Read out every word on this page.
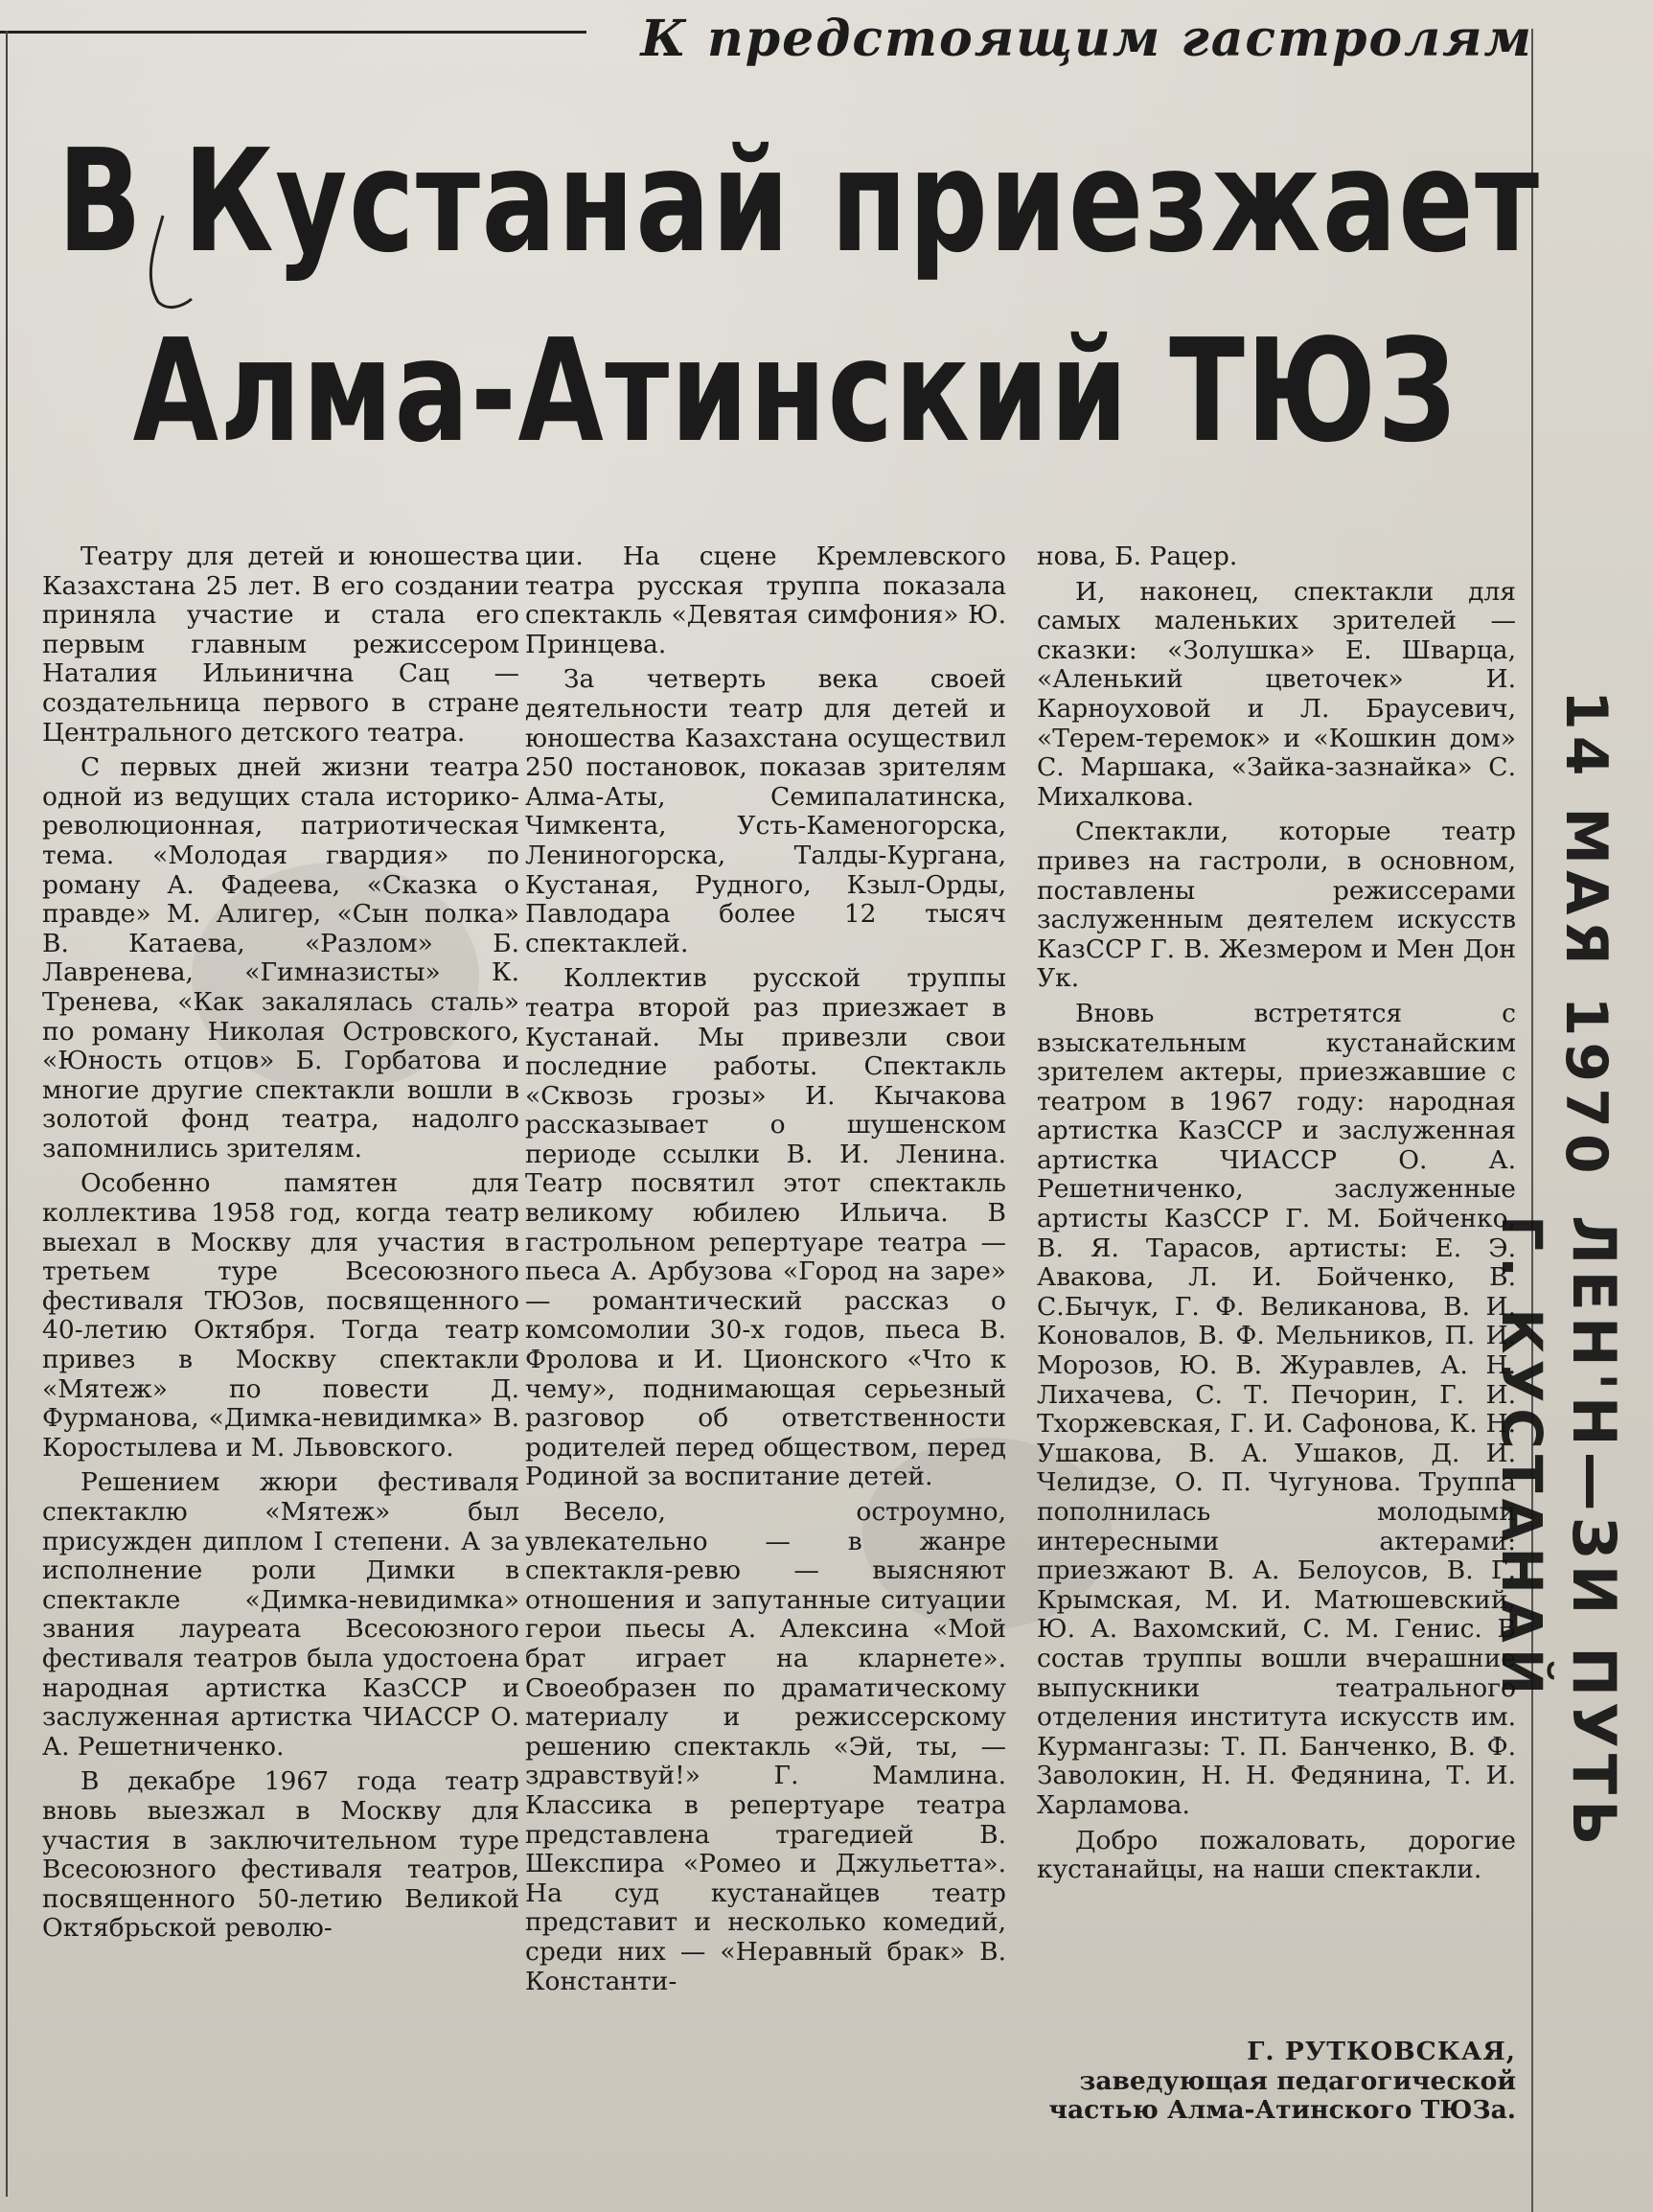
К предстоящим гастролям
В Кустанай приезжает
Алма-Атинский ТЮЗ

Театру для детей и юношества Казахстана 25 лет. В его создании приняла участие и стала его первым главным режиссером Наталия Ильинична Сац — создательница первого в стране Центрального детского театра.

С первых дней жизни театра одной из ведущих стала историко-революционная, патриотическая тема. «Молодая гвардия» по роману А. Фадеева, «Сказка о правде» М. Алигер, «Сын полка» В. Катаева, «Разлом» Б. Лавренева, «Гимназисты» К. Тренева, «Как закалялась сталь» по роману Николая Островского, «Юность отцов» Б. Горбатова и многие другие спектакли вошли в золотой фонд театра, надолго запомнились зрителям.

Особенно памятен для коллектива 1958 год, когда театр выехал в Москву для участия в третьем туре Всесоюзного фестиваля ТЮЗов, посвященного 40-летию Октября. Тогда театр привез в Москву спектакли «Мятеж» по повести Д. Фурманова, «Димка-невидимка» В. Коростылева и М. Львовского.

Решением жюри фестиваля спектаклю «Мятеж» был присужден диплом I степени. А за исполнение роли Димки в спектакле «Димка-невидимка» звания лауреата Всесоюзного фестиваля театров была удостоена народная артистка КазССР и заслуженная артистка ЧИАССР О. А. Решетниченко.

В декабре 1967 года театр вновь выезжал в Москву для участия в заключительном туре Всесоюзного фестиваля театров, посвященного 50-летию Великой Октябрьской револю-

ции. На сцене Кремлевского театра русская труппа показала спектакль «Девятая симфония» Ю. Принцева.

За четверть века своей деятельности театр для детей и юношества Казахстана осуществил 250 постановок, показав зрителям Алма-Аты, Семипалатинска, Чимкента, Усть-Каменогорска, Лениногорска, Талды-Кургана, Кустаная, Рудного, Кзыл-Орды, Павлодара более 12 тысяч спектаклей.

Коллектив русской труппы театра второй раз приезжает в Кустанай. Мы привезли свои последние работы. Спектакль «Сквозь грозы» И. Кычакова рассказывает о шушенском периоде ссылки В. И. Ленина. Театр посвятил этот спектакль великому юбилею Ильича. В гастрольном репертуаре театра — пьеса А. Арбузова «Город на заре» — романтический рассказ о комсомолии 30-х годов, пьеса В. Фролова и И. Ционского «Что к чему», поднимающая серьезный разговор об ответственности родителей перед обществом, перед Родиной за воспитание детей.

Весело, остроумно, увлекательно — в жанре спектакля-ревю — выясняют отношения и запутанные ситуации герои пьесы А. Алексина «Мой брат играет на кларнете». Своеобразен по драматическому материалу и режиссерскому решению спектакль «Эй, ты, — здравствуй!» Г. Мамлина. Классика в репертуаре театра представлена трагедией В. Шекспира «Ромео и Джульетта». На суд кустанайцев театр представит и несколько комедий, среди них — «Неравный брак» В. Константи-

нова, Б. Рацер.

И, наконец, спектакли для самых маленьких зрителей — сказки: «Золушка» Е. Шварца, «Аленький цветочек» И. Карноуховой и Л. Браусевич, «Терем-теремок» и «Кошкин дом» С. Маршака, «Зайка-зазнайка» С. Михалкова.

Спектакли, которые театр привез на гастроли, в основном, поставлены режиссерами заслуженным деятелем искусств КазССР Г. В. Жезмером и Мен Дон Ук.

Вновь встретятся с взыскательным кустанайским зрителем актеры, приезжавшие с театром в 1967 году: народная артистка КазССР и заслуженная артистка ЧИАССР О. А. Решетниченко, заслуженные артисты КазССР Г. М. Бойченко, В. Я. Тарасов, артисты: Е. Э. Авакова, Л. И. Бойченко, В. С.Бычук, Г. Ф. Великанова, В. И. Коновалов, В. Ф. Мельников, П. И. Морозов, Ю. В. Журавлев, А. Н. Лихачева, С. Т. Печорин, Г. И. Тхоржевская, Г. И. Сафонова, К. Н. Ушакова, В. А. Ушаков, Д. И. Челидзе, О. П. Чугунова. Труппа пополнилась молодыми интересными актерами: приезжают В. А. Белоусов, В. Г. Крымская, М. И. Матюшевский, Ю. А. Вахомский, С. М. Генис. В состав труппы вошли вчерашние выпускники театрального отделения института искусств им. Курмангазы: Т. П. Банченко, В. Ф. Заволокин, Н. Н. Федянина, Т. И. Харламова.

Добро пожаловать, дорогие кустанайцы, на наши спектакли.

Г. РУТКОВСКАЯ,
заведующая педагогической частью Алма-Атинского ТЮЗа.
14 МАЯ 1970
ЛЕН'Н—ЗИ ПУТЬ
Г. КУСТАНАЙ
